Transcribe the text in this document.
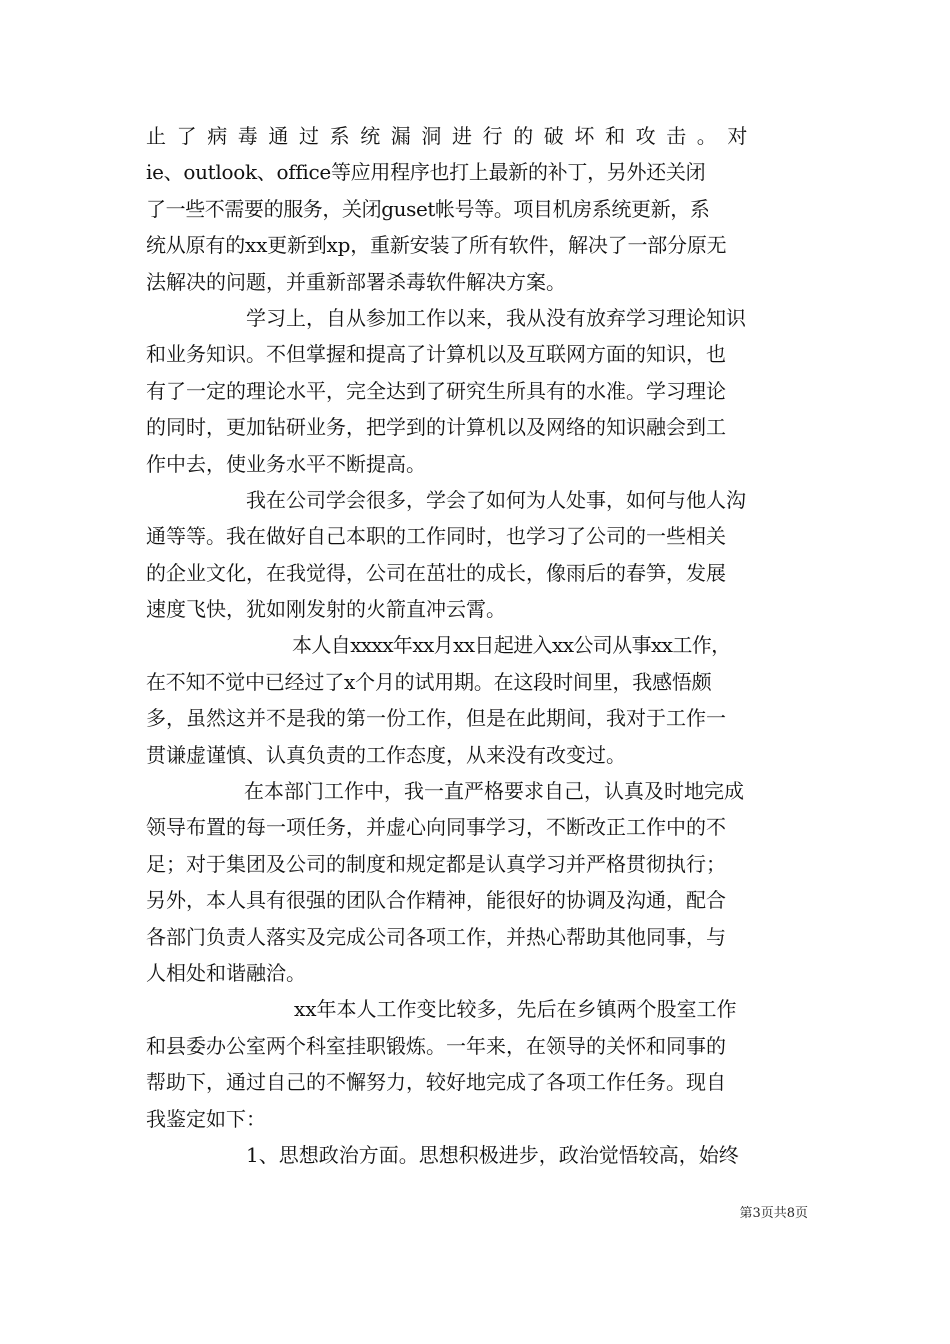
止了病毒通过系统漏洞进行的破坏和攻击。对
ie、outlook、office等应用程序也打上最新的补丁，另外还关闭
了一些不需要的服务，关闭guset帐号等。项目机房系统更新，系
统从原有的xx更新到xp，重新安装了所有软件，解决了一部分原无
法解决的问题，并重新部署杀毒软件解决方案。
学习上，自从参加工作以来，我从没有放弃学习理论知识
和业务知识。不但掌握和提高了计算机以及互联网方面的知识，也
有了一定的理论水平，完全达到了研究生所具有的水准。学习理论
的同时，更加钻研业务，把学到的计算机以及网络的知识融会到工
作中去，使业务水平不断提高。
我在公司学会很多，学会了如何为人处事，如何与他人沟
通等等。我在做好自己本职的工作同时，也学习了公司的一些相关
的企业文化，在我觉得，公司在茁壮的成长，像雨后的春笋，发展
速度飞快，犹如刚发射的火箭直冲云霄。
本人自xxxx年xx月xx日起进入xx公司从事xx工作，
在不知不觉中已经过了x个月的试用期。在这段时间里，我感悟颇
多，虽然这并不是我的第一份工作，但是在此期间，我对于工作一
贯谦虚谨慎、认真负责的工作态度，从来没有改变过。
在本部门工作中，我一直严格要求自己，认真及时地完成
领导布置的每一项任务，并虚心向同事学习，不断改正工作中的不
足；对于集团及公司的制度和规定都是认真学习并严格贯彻执行；
另外，本人具有很强的团队合作精神，能很好的协调及沟通，配合
各部门负责人落实及完成公司各项工作，并热心帮助其他同事，与
人相处和谐融洽。
xx年本人工作变比较多，先后在乡镇两个股室工作
和县委办公室两个科室挂职锻炼。一年来，在领导的关怀和同事的
帮助下，通过自己的不懈努力，较好地完成了各项工作任务。现自
我鉴定如下：
1、思想政治方面。思想积极进步，政治觉悟较高，始终
第3页共8页
